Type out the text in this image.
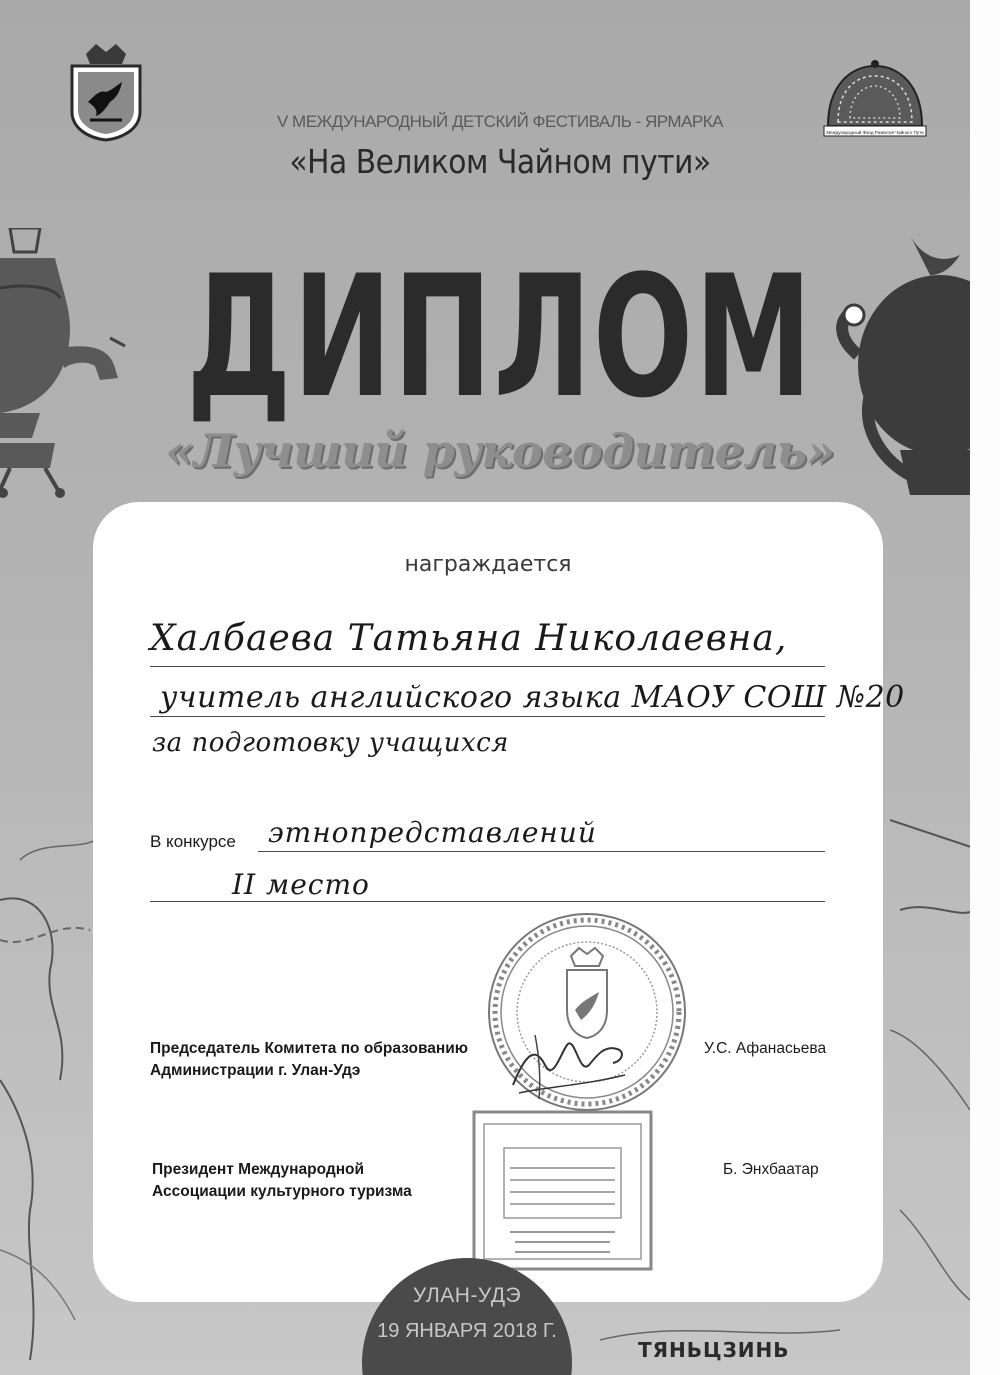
Международный Фонд Развития Чайного Пути
V МЕЖДУНАРОДНЫЙ ДЕТСКИЙ ФЕСТИВАЛЬ - ЯРМАРКА
«На Великом Чайном пути»
ДИПЛОМ
«Лучший руководитель»
награждается
Халбаева Татьяна Николаевна,
учитель английского языка МАОУ СОШ №20
за подготовку учащихся
В конкурсе этнопредставлений
II место
Председатель Комитета по образованию
Администрации г. Улан-Удэ
У.С. Афанасьева
Президент Международной
Ассоциации культурного туризма
Б. Энхбаатар
УЛАН-УДЭ
19 ЯНВАРЯ 2018 Г.
ТЯНЬЦЗИНЬ
